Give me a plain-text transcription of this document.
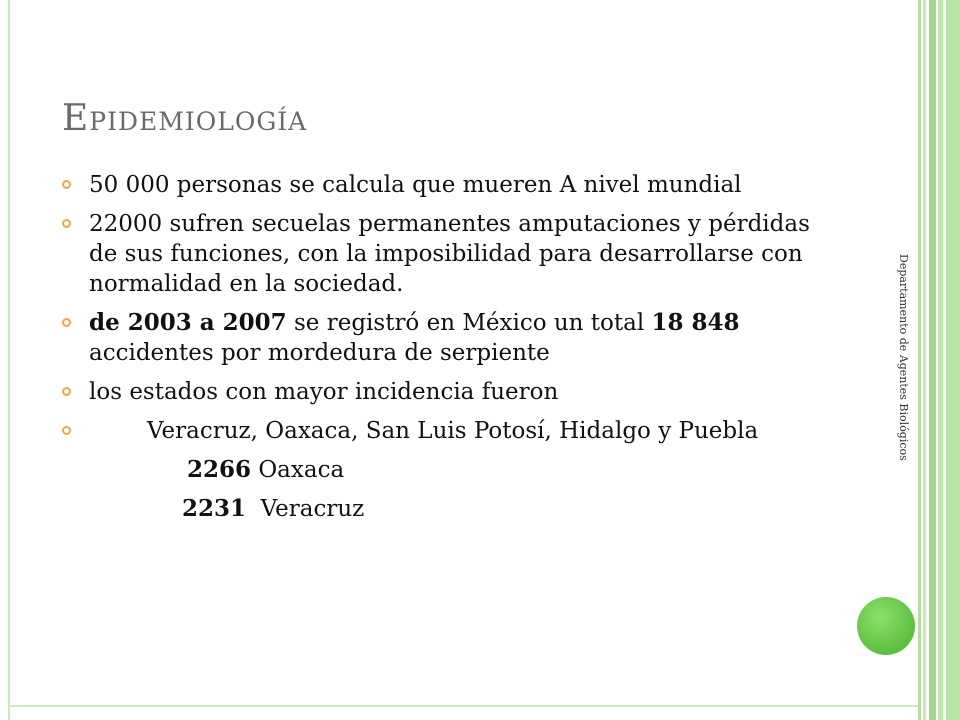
Departamento de Agentes Biológicos
Epidemiología
50 000 personas se calcula que mueren A nivel mundial
22000 sufren secuelas permanentes amputaciones y pérdidas de sus funciones, con la imposibilidad para desarrollarse con normalidad en la sociedad.
de 2003 a 2007 se registró en México un total 18 848 accidentes por mordedura de serpiente
los estados con mayor incidencia fueron
Veracruz, Oaxaca, San Luis Potosí, Hidalgo y Puebla
2266 Oaxaca
2231  Veracruz
